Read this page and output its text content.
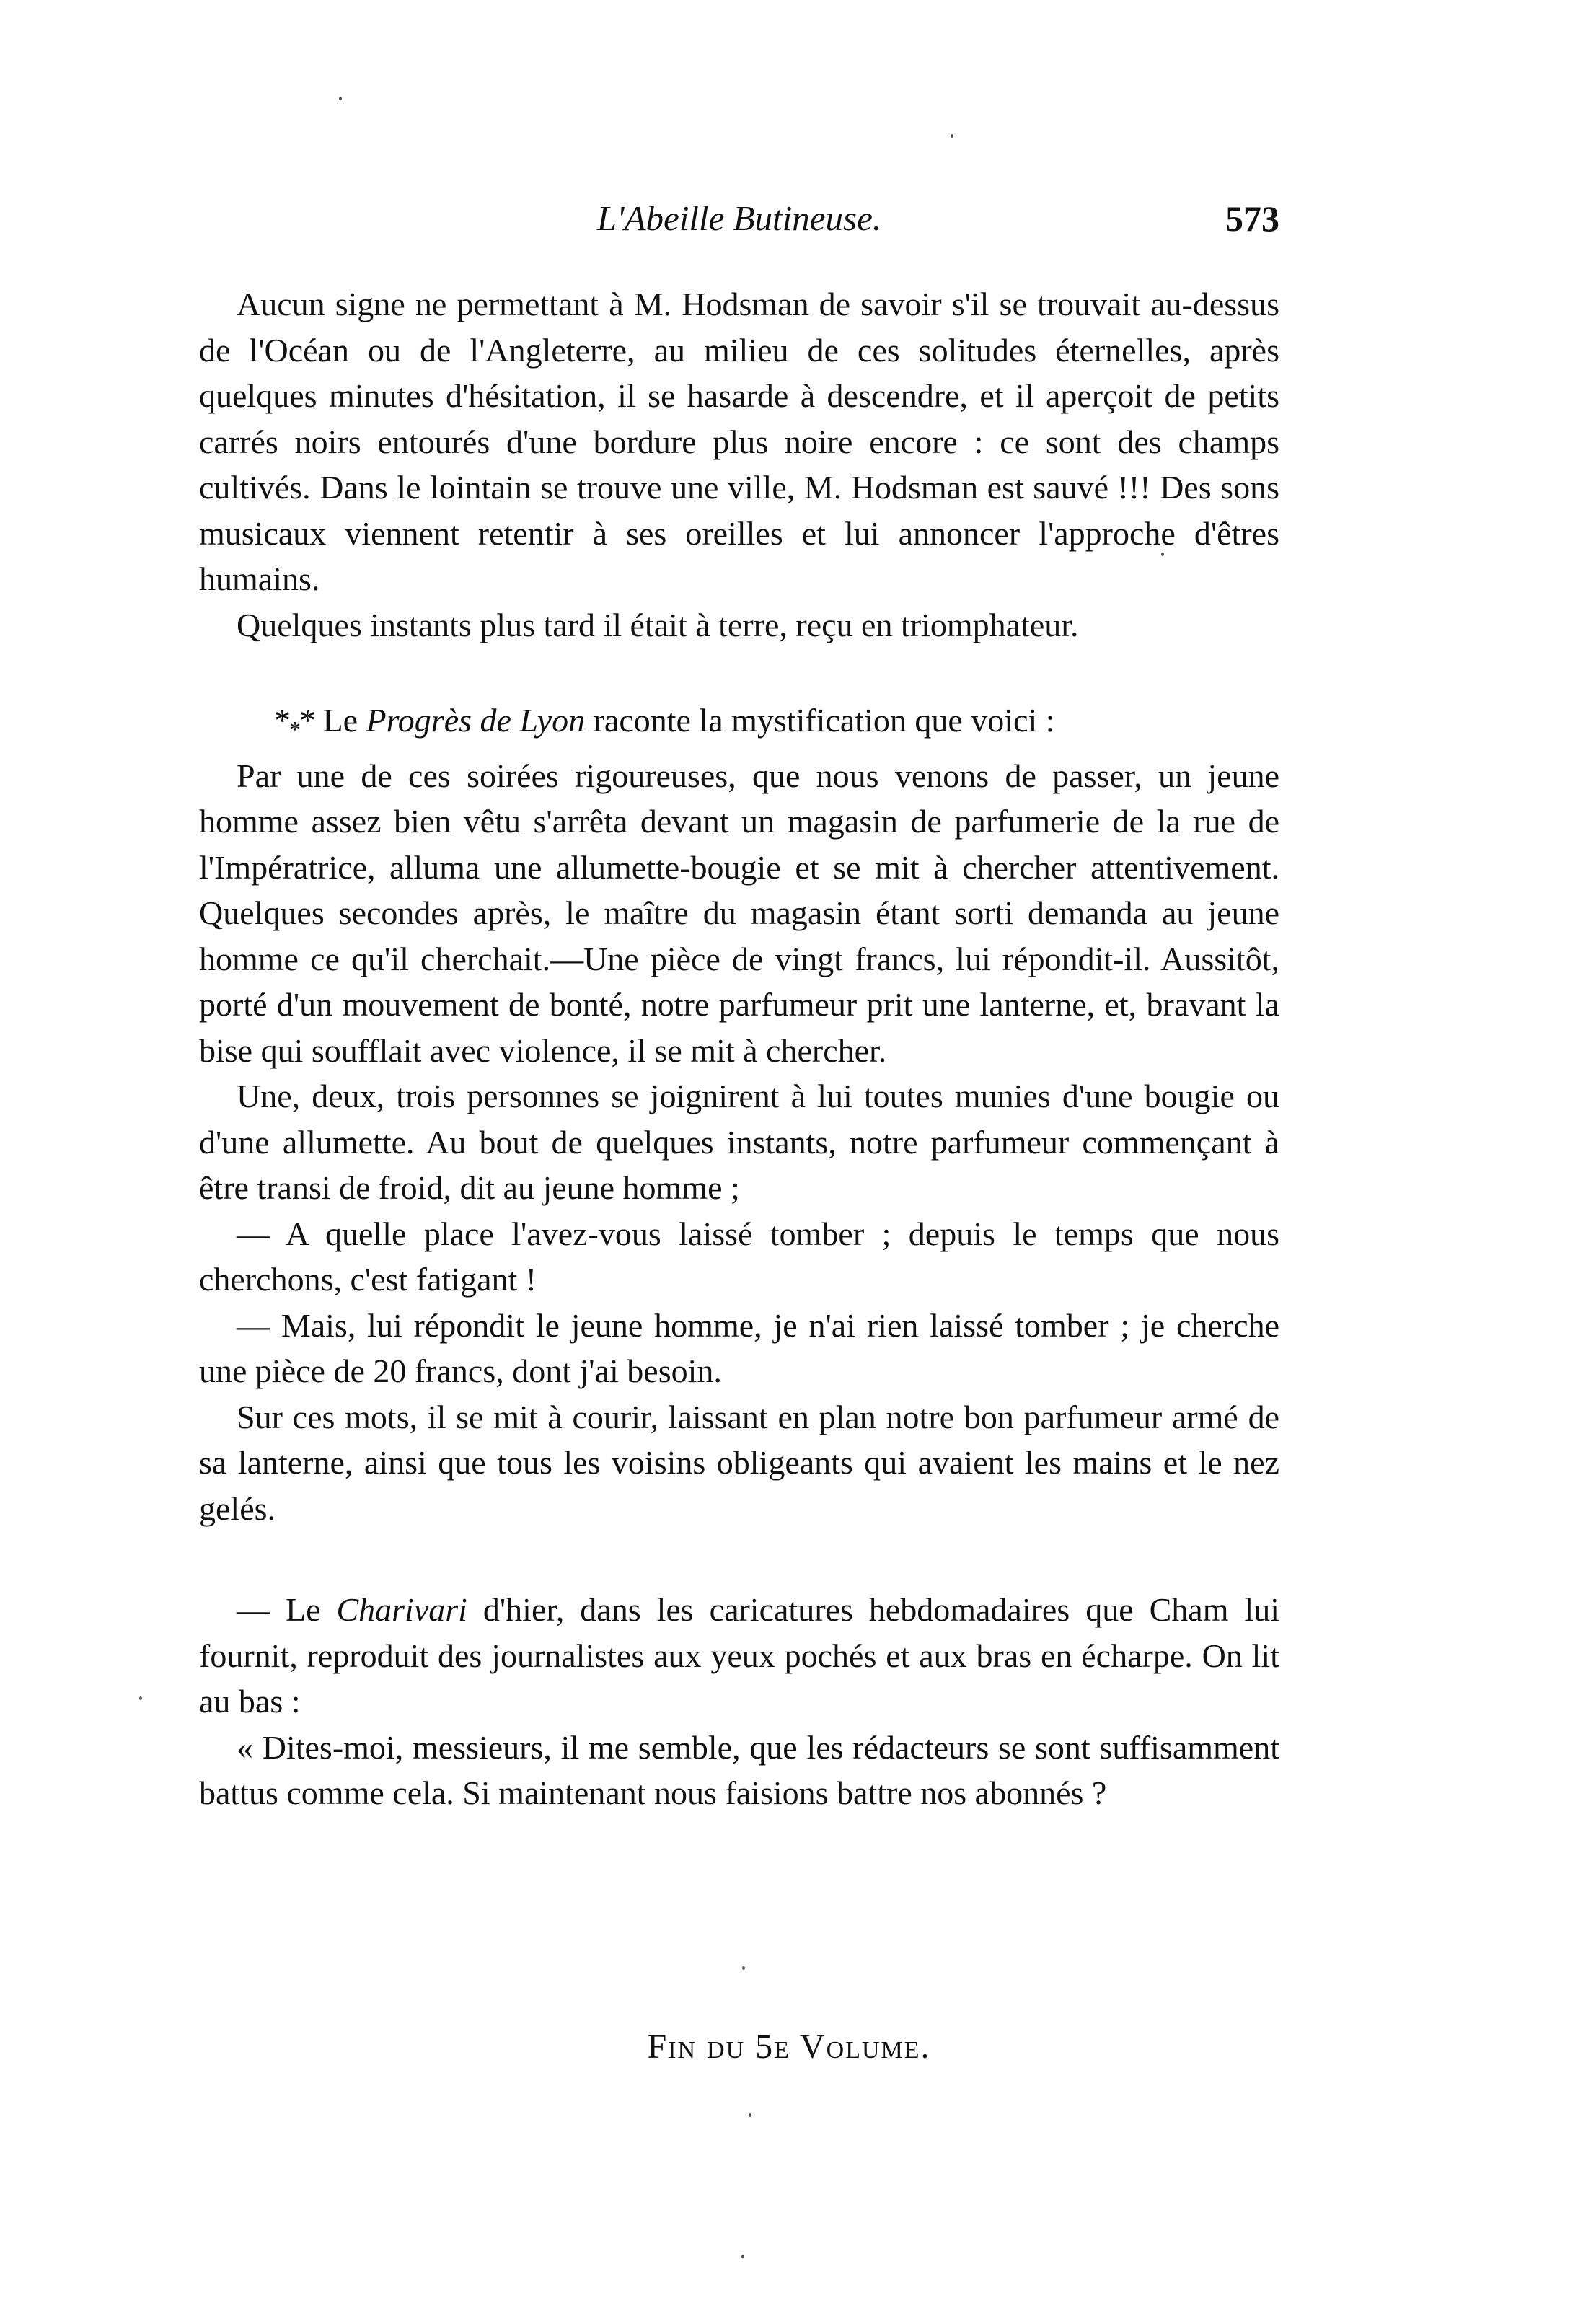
L'Abeille Butineuse.	573

Aucun signe ne permettant à M. Hodsman de savoir s'il se trouvait au-dessus de l'Océan ou de l'Angleterre, au milieu de ces solitudes éternelles, après quelques minutes d'hésitation, il se hasarde à descendre, et il aperçoit de petits carrés noirs entourés d'une bordure plus noire encore : ce sont des champs cultivés. Dans le lointain se trouve une ville, M. Hodsman est sauvé !!! Des sons musicaux viennent retentir à ses oreilles et lui annoncer l'approche d'êtres humains.

Quelques instants plus tard il était à terre, reçu en triomphateur.

$*_**$ Le Progrès de Lyon raconte la mystification que voici :

Par une de ces soirées rigoureuses, que nous venons de passer, un jeune homme assez bien vêtu s'arrêta devant un magasin de parfumerie de la rue de l'Impératrice, alluma une allumette-bougie et se mit à chercher attentivement. Quelques secondes après, le maître du magasin étant sorti demanda au jeune homme ce qu'il cherchait.—Une pièce de vingt francs, lui répondit-il. Aussitôt, porté d'un mouvement de bonté, notre parfumeur prit une lanterne, et, bravant la bise qui soufflait avec violence, il se mit à chercher.

Une, deux, trois personnes se joignirent à lui toutes munies d'une bougie ou d'une allumette. Au bout de quelques instants, notre parfumeur commençant à être transi de froid, dit au jeune homme ;

— A quelle place l'avez-vous laissé tomber ; depuis le temps que nous cherchons, c'est fatigant !

— Mais, lui répondit le jeune homme, je n'ai rien laissé tomber ; je cherche une pièce de 20 francs, dont j'ai besoin.

Sur ces mots, il se mit à courir, laissant en plan notre bon parfumeur armé de sa lanterne, ainsi que tous les voisins obligeants qui avaient les mains et le nez gelés.

— Le Charivari d'hier, dans les caricatures hebdomadaires que Cham lui fournit, reproduit des journalistes aux yeux pochés et aux bras en écharpe. On lit au bas :

« Dites-moi, messieurs, il me semble, que les rédacteurs se sont suffisamment battus comme cela. Si maintenant nous faisions battre nos abonnés ?

Fin du 5e Volume.
